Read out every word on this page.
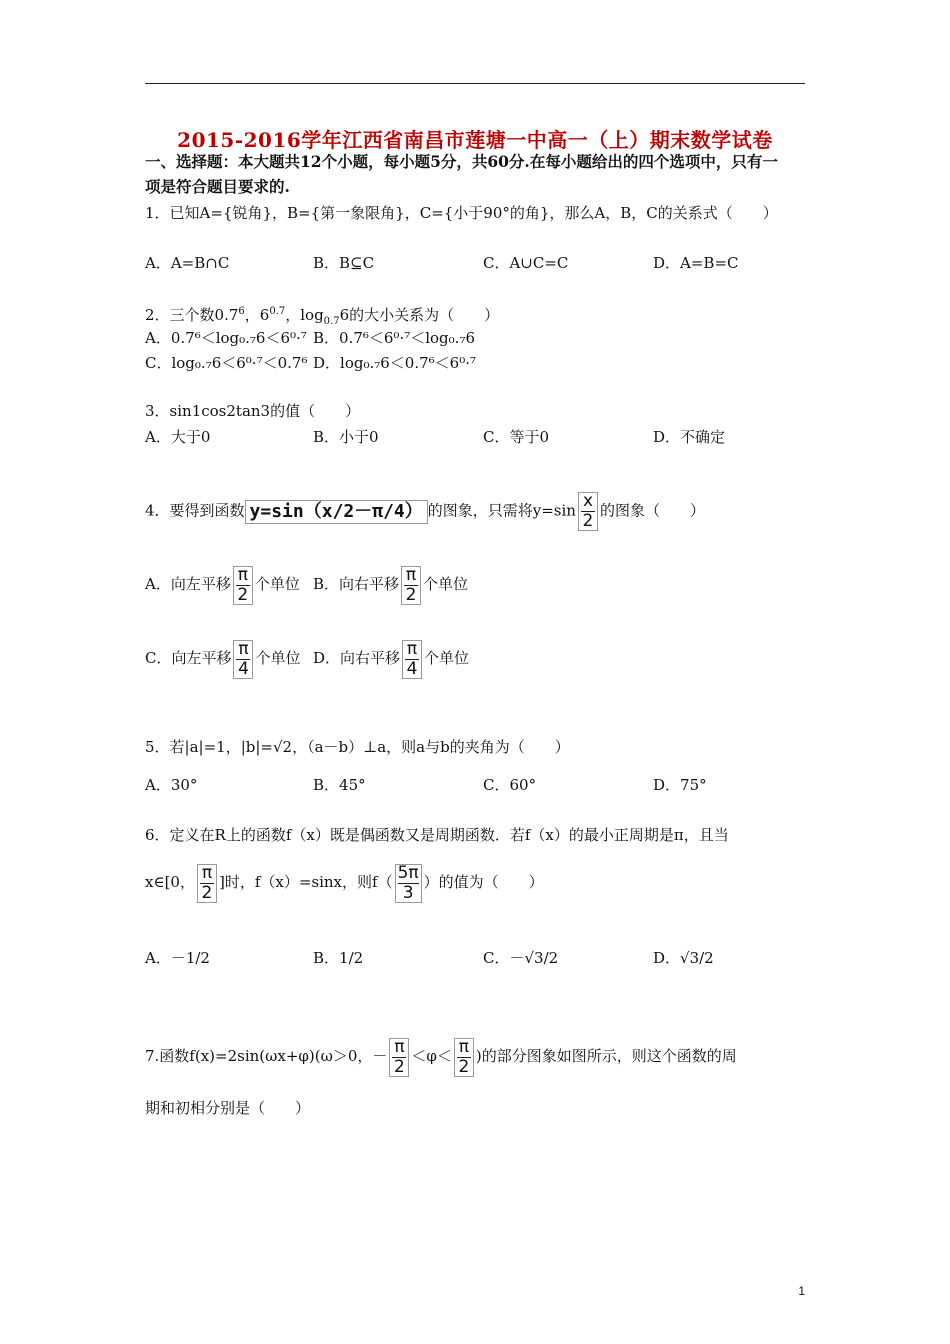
2015-2016学年江西省南昌市莲塘一中高一（上）期末数学试卷
一、选择题：本大题共12个小题，每小题5分，共60分.在每小题给出的四个选项中，只有一
项是符合题目要求的.
1．已知A={锐角}，B={第一象限角}，C={小于90°的角}，那么A，B，C的关系式（　　）
A．A=B∩C	B．B⊆C	C．A∪C=C	D．A=B=C
2．三个数$0.7^6$，$6^{0.7}$，$\log_{0.7}6$的大小关系为（　　）
A．0.7⁶＜log₀.₇6＜6⁰·⁷ B．0.7⁶＜6⁰·⁷＜log₀.₇6
C．log₀.₇6＜6⁰·⁷＜0.7⁶ D．log₀.₇6＜0.7⁶＜6⁰·⁷
3．sin1cos2tan3的值（　　）
A．大于0	B．小于0	C．等于0	D．不确定
4．要得到函数 y=sin（x/2－π/4） 的图象，只需将$y=\sin \frac{x}{2}$ 的图象（　　）
A．向左平移 $\frac{\pi}{2}$ 个单位 B．向右平移 $\frac{\pi}{2}$ 个单位
C．向左平移 $\frac{\pi}{4}$ 个单位 D．向右平移 $\frac{\pi}{4}$ 个单位
5．若|a|=1，|b|=√2，（a－b）⊥a，则a与b的夹角为（　　）
A．30°	B．45°	C．60°	D．75°
6．定义在R上的函数f（x）既是偶函数又是周期函数．若f（x）的最小正周期是π，且当
x∈[0， $\frac{\pi}{2}$ ]时，f（x）=sinx，则$f( \frac{5\pi}{3}$ ）的值为（　　）
A．－1/2	B．1/2	C．－√3/2	D．√3/2
7.函数f(x)=2sin(ωx+φ)(ω＞0，－ $\frac{\pi}{2} <\varphi< \frac{\pi}{2}$ )的部分图象如图所示，则这个函数的周
期和初相分别是（　　）
1
